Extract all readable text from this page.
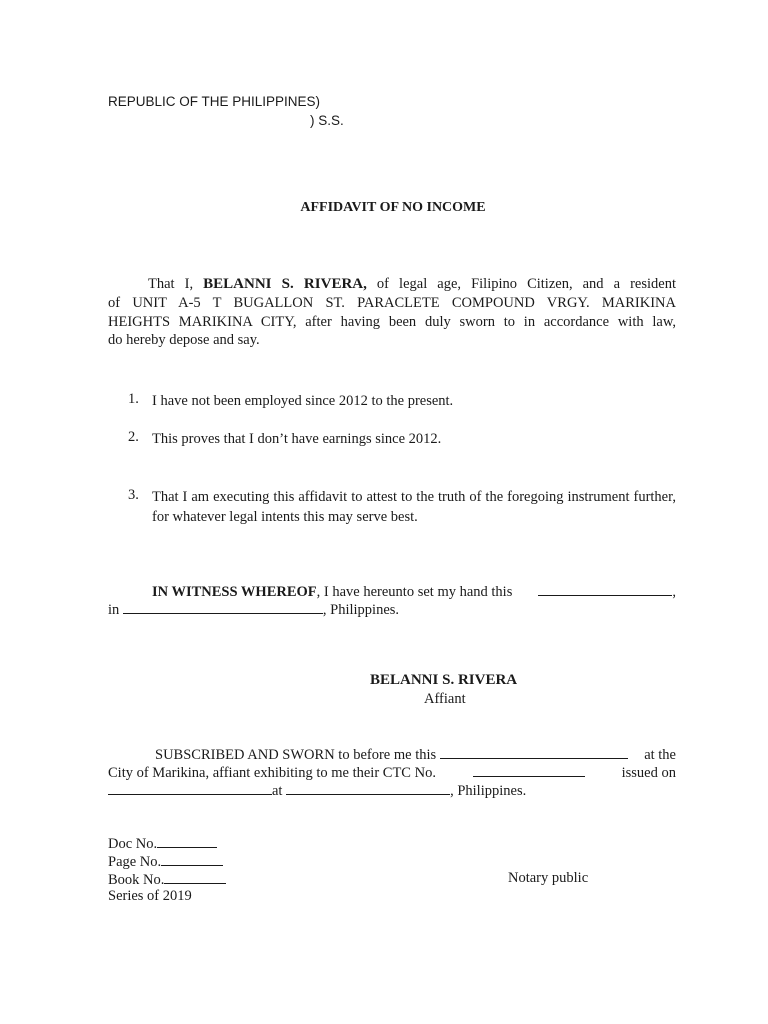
REPUBLIC OF THE PHILIPPINES)
) S.S.
AFFIDAVIT OF NO INCOME
That I, BELANNI S. RIVERA, of legal age, Filipino Citizen, and a resident
of UNIT A-5 T BUGALLON ST. PARACLETE COMPOUND VRGY. MARIKINA
HEIGHTS MARIKINA CITY, after having been duly sworn to in accordance with law,
do hereby depose and say.
1. I have not been employed since 2012 to the present.
2. This proves that I don’t have earnings since 2012.
3. That I am executing this affidavit to attest to the truth of the foregoing instrument further, for whatever legal intents this may serve best.
IN WITNESS WHEREOF , I have hereunto set my hand this	,
in	, Philippines.
BELANNI S. RIVERA
Affiant
SUBSCRIBED AND SWORN to before me this	at the
City of Marikina, affiant exhibiting to me their CTC No.	issued on
at	, Philippines.
Doc No.
Page No.
Book No.
Series of 2019
Notary public
